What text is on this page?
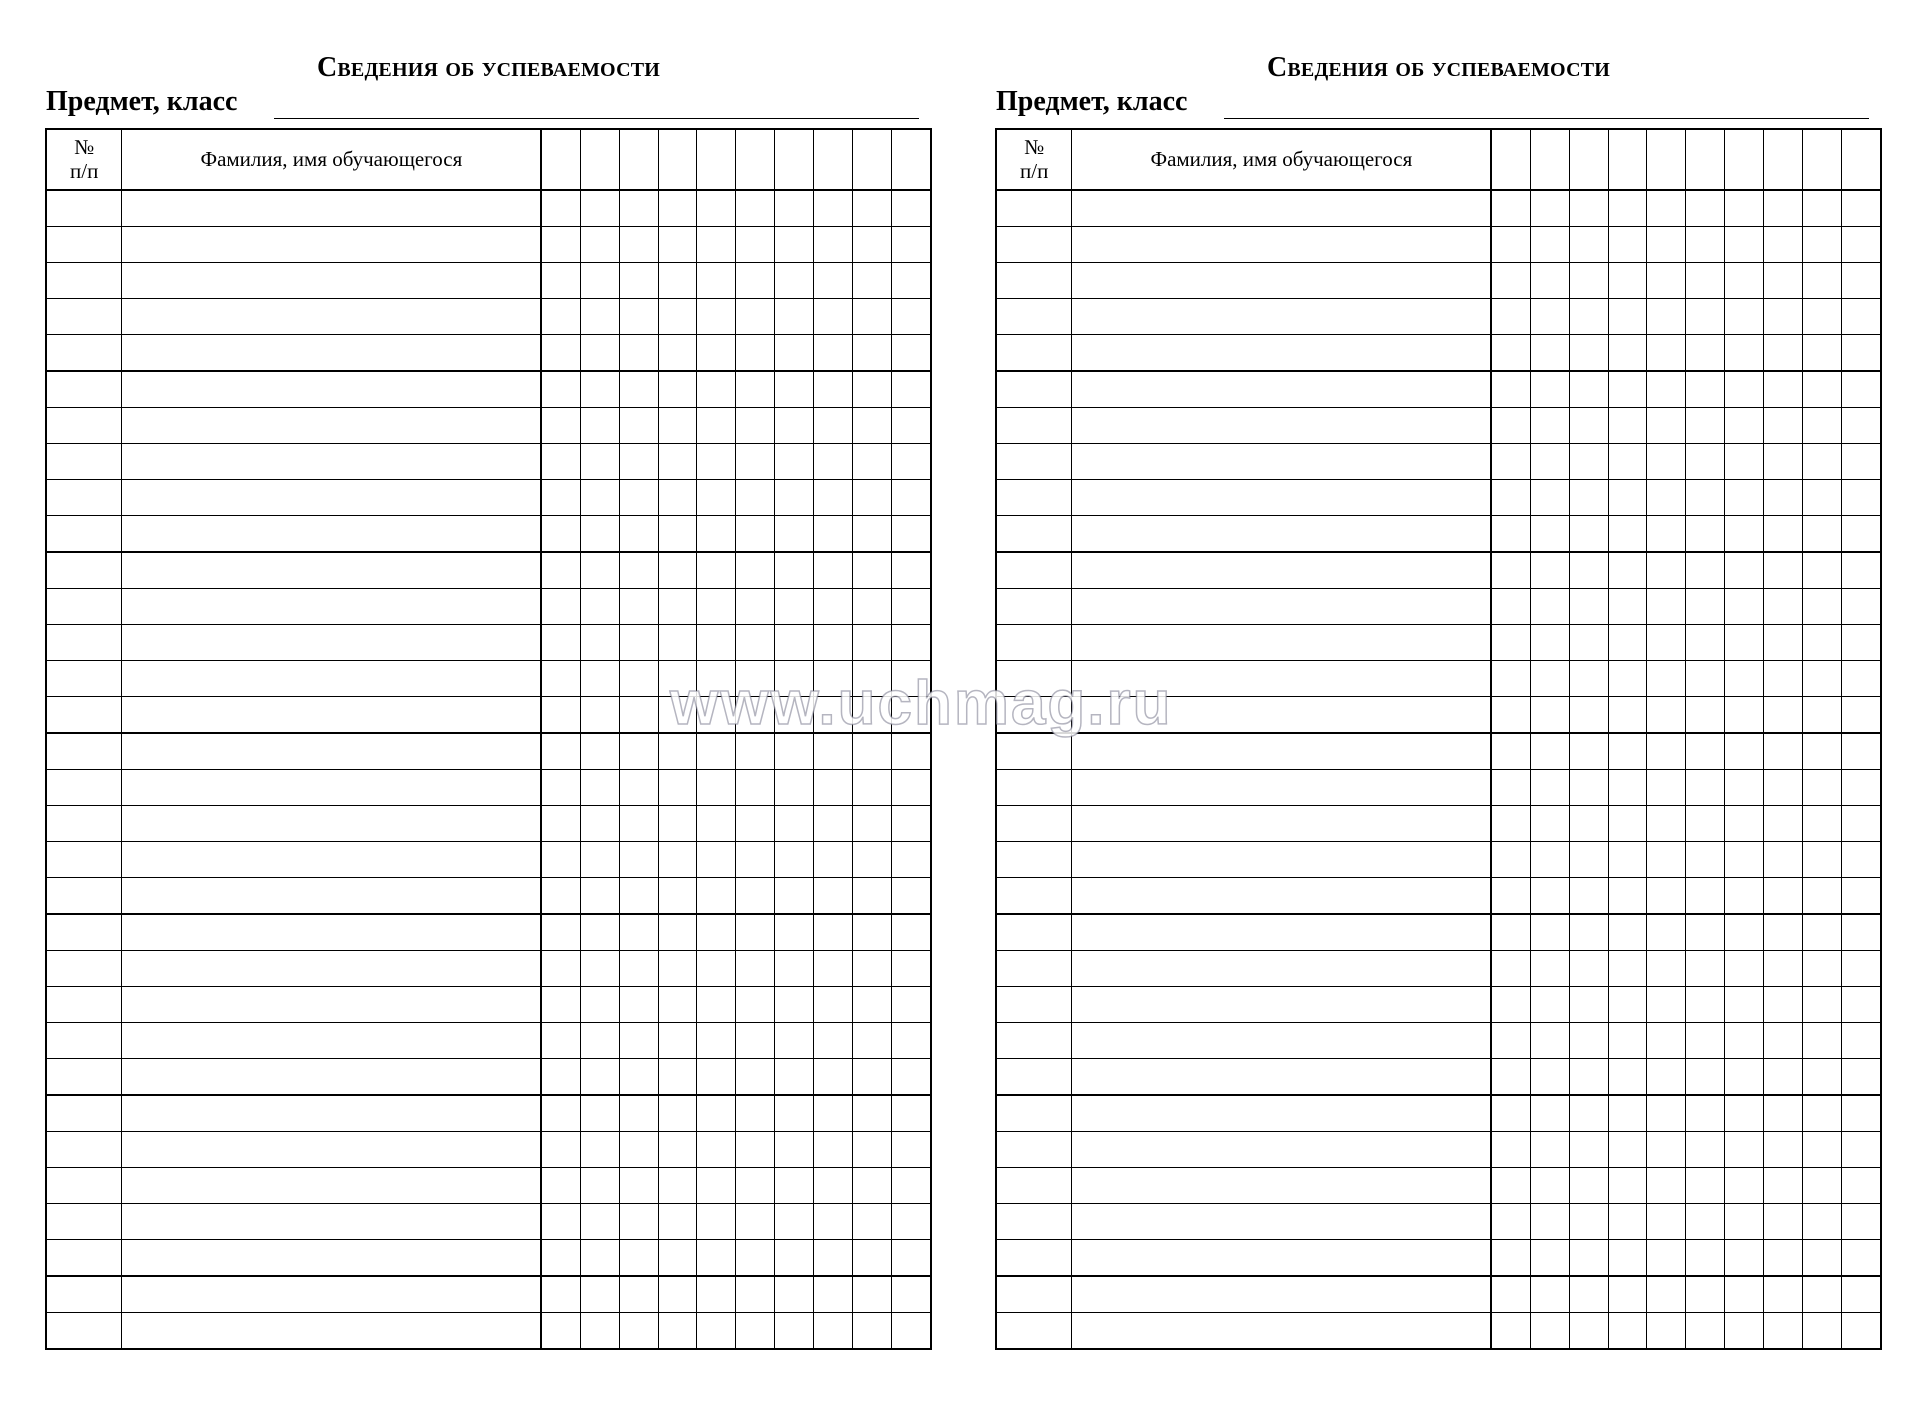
Сведения об успеваемости
Предмет, класс
№
п/п	Фамилия, имя обучающегося										

Сведения об успеваемости
Предмет, класс
№
п/п	Фамилия, имя обучающегося										

www.uchmag.ru
